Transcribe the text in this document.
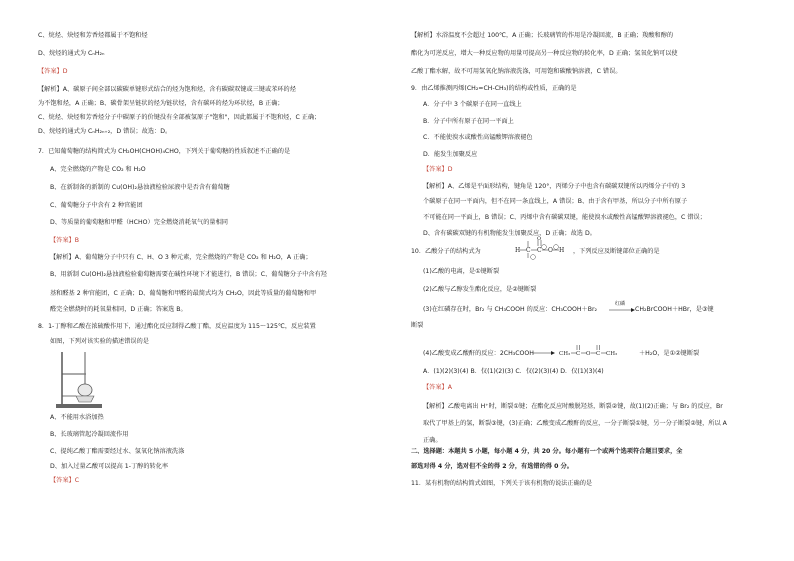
C、烷烃、炔烃和芳香烃都属于不饱和烃
D、烷烃的通式为 CₙH₂ₙ
【答案】D
【解析】A、碳原子间全部以碳碳单键形式结合的烃为饱和烃，含有碳碳双键或三键或苯环的烃
为不饱和烃，A 正确；B、碳骨架呈链状的烃为链状烃，含有碳环的烃为环状烃，B 正确；
C、烷烃、炔烃和芳香烃分子中碳原子的价键没有全部被氢原子"饱和"，因此都属于不饱和烃，C 正确；
D、烷烃的通式为 CₙH₂ₙ₊₂，D 错误；故选：D。
7．已知葡萄糖的结构简式为 CH₂OH(CHOH)₄CHO，下列关于葡萄糖的性质叙述不正确的是
A、完全燃烧的产物是 CO₂ 和 H₂O
B、在新制备的新制的 Cu(OH)₂悬浊液检验尿液中是否含有葡萄糖
C、葡萄糖分子中含有 2 种官能团
D、等质量的葡萄糖和甲醛（HCHO）完全燃烧消耗氧气的量相同
【答案】B
【解析】A、葡萄糖分子中只有 C、H、O 3 种元素，完全燃烧的产物是 CO₂ 和 H₂O，A 正确；
B、用新制 Cu(OH)₂悬浊液检验葡萄糖需要在碱性环境下才能进行，B 错误；C、葡萄糖分子中含有羟
基和醛基 2 种官能团，C 正确；D、葡萄糖和甲醛的最简式均为 CH₂O，因此等质量的葡萄糖和甲
醛完全燃烧时的耗氧量相同，D 正确；答案选 B。
8．1-丁醇和乙酸在浓硫酸作用下，通过酯化反应制得乙酸丁酯，反应温度为 115～125℃，反应装置
如图，下列对该实验的描述错误的是
A、不能用水浴加热
B、长玻璃管起冷凝回流作用
C、提纯乙酸丁酯需要经过水、氢氧化钠溶液洗涤
D、加入过量乙酸可以提高 1-丁醇的转化率
【答案】C
【解析】水浴温度不会超过 100℃，A 正确；长玻璃管的作用是冷凝回流，B 正确；羧酸和醇的
酯化为可逆反应，增大一种反应物的用量可提高另一种反应物的转化率，D 正确；氢氧化钠可以使
乙酸丁酯水解，故不可用氢氧化钠溶液洗涤，可用饱和碳酸钠溶液，C 错误。
9．由乙烯推测丙烯(CH₂=CH-CH₃)的结构或性质，正确的是
A．分子中 3 个碳原子在同一直线上
B．分子中所有原子在同一平面上
C．不能使溴水或酸性高锰酸钾溶液褪色
D．能发生加聚反应
【答案】D
【解析】A、乙烯是平面形结构，键角是 120°，丙烯分子中也含有碳碳双键所以丙烯分子中的 3
个碳原子在同一平面内，但不在同一条直线上，A 错误；B、由于含有甲基，所以分子中所有原子
不可能在同一平面上，B 错误；C、丙烯中含有碳碳双键，能使溴水或酸性高锰酸钾溶液褪色，C 错误；
D、含有碳碳双键的有机物能发生加聚反应，D 正确；故选 D。
10．乙酸分子的结构式为	H C C
O
O H ，下列反应及断键部位正确的是
(1)乙酸的电离，是①键断裂
(2)乙酸与乙醇发生酯化反应，是②键断裂
(3)在红磷存在时，Br₂ 与 CH₃COOH 的反应：CH₃COOH＋Br₂
红磷
→ CH₂BrCOOH＋HBr，是③键
断裂
(4)乙酸变成乙酸酐的反应：2CH₃COOH	CH₃ C O C CH₃	＋H₂O，是①②键断裂
A．(1)(2)(3)(4) B．仅(1)(2)(3) C．仅(2)(3)(4) D．仅(1)(3)(4)
【答案】A
【解析】乙酸电离出 H⁺时，断裂①键；在酯化反应时酸脱羟基，断裂②键，故(1)(2)正确；与 Br₂ 的反应，Br
取代了甲基上的氢，断裂③键，(3)正确；乙酸变成乙酸酐的反应，一分子断裂①键，另一分子断裂②键，所以 A
正确。
二、选择题：本题共 5 小题，每小题 4 分，共 20 分。每小题有一个或两个选项符合题目要求，全
部选对得 4 分，选对但不全的得 2 分，有选错的得 0 分。
11．某有机物的结构简式如图，下列关于该有机物的说法正确的是
